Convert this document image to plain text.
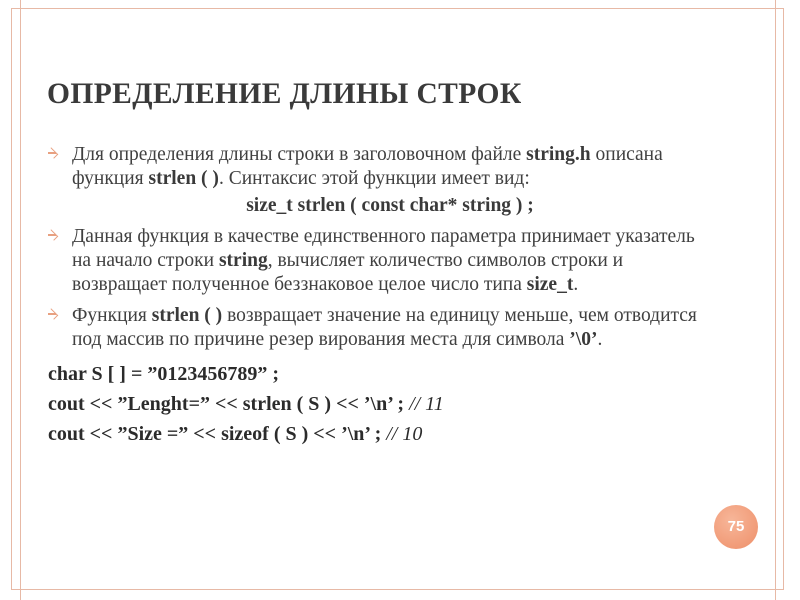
ОПРЕДЕЛЕНИЕ ДЛИНЫ СТРОК
Для определения длины строки в заголовочном файле string.h описана функция strlen ( ). Синтаксис этой функции имеет вид:
size_t strlen ( const char* string ) ;
Данная функция в качестве единственного параметра принимает указатель на начало строки string, вычисляет количество символов строки и возвращает полученное беззнаковое целое число типа size_t.
Функция strlen ( ) возвращает значение на единицу меньше, чем отводится под массив по причине резер вирования места для символа ’\0’.
char S [ ] = ”0123456789” ;
cout << ”Lenght=” << strlen ( S ) << ’\n’ ; // 11
cout << ”Size =” << sizeof ( S ) << ’\n’ ; // 10
75
